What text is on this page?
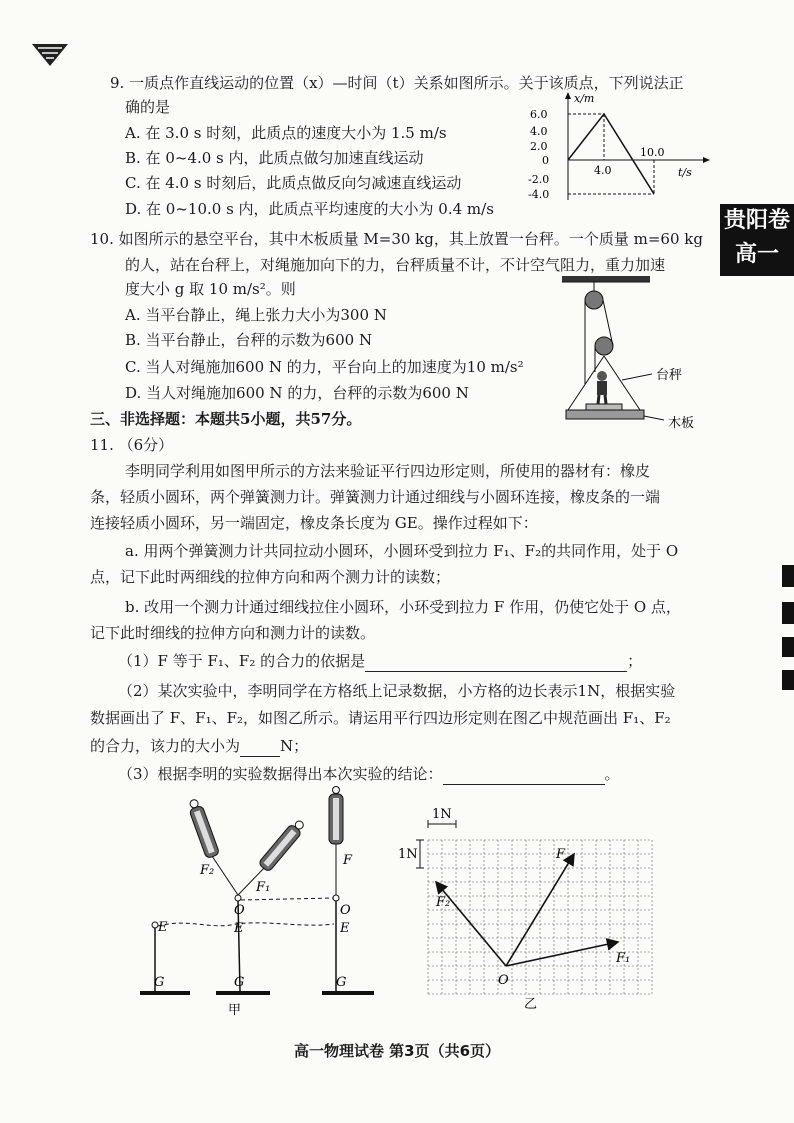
9. 一质点作直线运动的位置（x）—时间（t）关系如图所示。关于该质点，下列说法正
确的是
A. 在 3.0 s 时刻，此质点的速度大小为 1.5 m/s
B. 在 0~4.0 s 内，此质点做匀加速直线运动
C. 在 4.0 s 时刻后，此质点做反向匀减速直线运动
D. 在 0~10.0 s 内，此质点平均速度的大小为 0.4 m/s
x/m
t/s
6.0
4.0
2.0
0
-2.0
-4.0
4.0
10.0
10. 如图所示的悬空平台，其中木板质量 M=30 kg，其上放置一台秤。一个质量 m=60 kg
的人，站在台秤上，对绳施加向下的力，台秤质量不计，不计空气阻力，重力加速
度大小 g 取 10 m/s²。则
A. 当平台静止，绳上张力大小为300 N
B. 当平台静止，台秤的示数为600 N
C. 当人对绳施加600 N 的力，平台向上的加速度为10 m/s²
D. 当人对绳施加600 N 的力，台秤的示数为600 N
台秤
木板
三、非选择题：本题共5小题，共57分。
11. （6分）
李明同学利用如图甲所示的方法来验证平行四边形定则，所使用的器材有：橡皮
条，轻质小圆环，两个弹簧测力计。弹簧测力计通过细线与小圆环连接，橡皮条的一端
连接轻质小圆环，另一端固定，橡皮条长度为 GE。操作过程如下：
a. 用两个弹簧测力计共同拉动小圆环，小圆环受到拉力 F₁、F₂的共同作用，处于 O
点，记下此时两细线的拉伸方向和两个测力计的读数；
b. 改用一个测力计通过细线拉住小圆环，小环受到拉力 F 作用，仍使它处于 O 点，
记下此时细线的拉伸方向和测力计的读数。
（1）F 等于 F₁、F₂ 的合力的依据是	；
（2）某次实验中，李明同学在方格纸上记录数据，小方格的边长表示1N，根据实验
数据画出了 F、F₁、F₂，如图乙所示。请运用平行四边形定则在图乙中规范画出 F₁、F₂
的合力，该力的大小为	N；
（3）根据李明的实验数据得出本次实验的结论：	。
E
G
O
E
G
O
E
G
F₂
F₁
F
甲
1N
1N
F₂
F
F₁
O
乙
贵阳卷
高一
高一物理试卷 第3页（共6页）
